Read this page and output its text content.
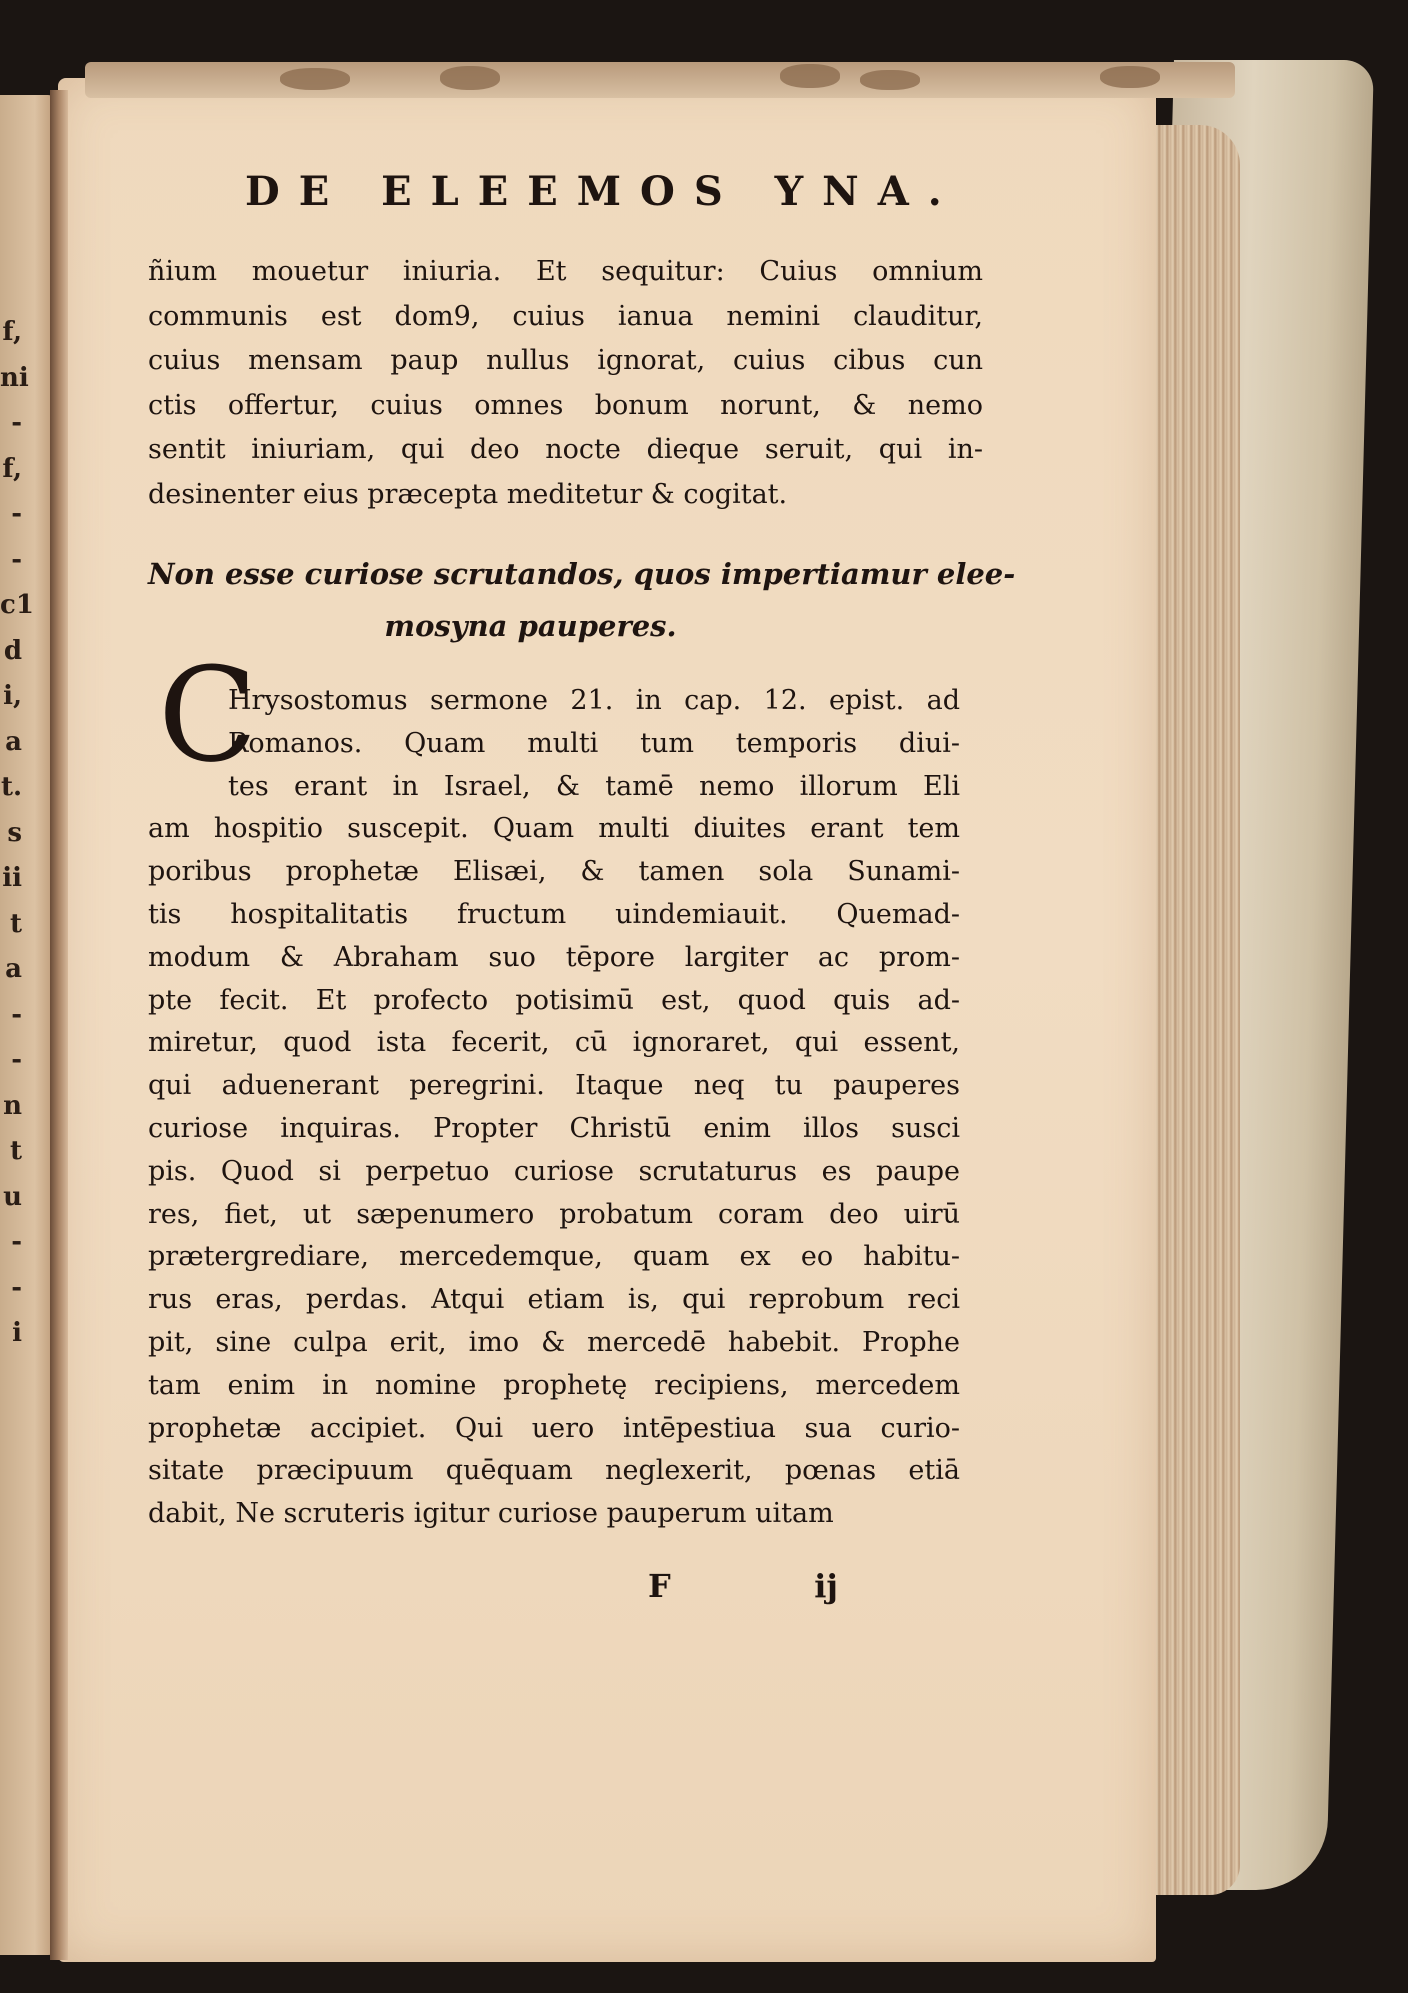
f,
ni
-
f,
-
-
c1
d
i,
a
t.
s
ii
t
a
-
-
n
t
u
-
-
i
DE ELEEMOS YNA.
ñium mouetur iniuria. Et sequitur: Cuius omnium
communis est dom9, cuius ianua nemini clauditur,
cuius mensam paup nullus ignorat, cuius cibus cun
ctis offertur, cuius omnes bonum norunt, & nemo
sentit iniuriam, qui deo nocte dieque seruit, qui in-
desinenter eius præcepta meditetur & cogitat.
Non esse curiose scrutandos, quos impertiamur elee-
mosyna pauperes.
C
Hrysostomus sermone 21. in cap. 12. epist. ad
Romanos. Quam multi tum temporis diui-
tes erant in Israel, & tamē nemo illorum Eli
am hospitio suscepit. Quam multi diuites erant tem
poribus prophetæ Elisæi, & tamen sola Sunami-
tis hospitalitatis fructum uindemiauit. Quemad-
modum & Abraham suo tēpore largiter ac prom-
pte fecit. Et profecto potisimū est, quod quis ad-
miretur, quod ista fecerit, cū ignoraret, qui essent,
qui aduenerant peregrini. Itaque neq tu pauperes
curiose inquiras. Propter Christū enim illos susci
pis. Quod si perpetuo curiose scrutaturus es paupe
res, fiet, ut sæpenumero probatum coram deo uirū
prætergrediare, mercedemque, quam ex eo habitu-
rus eras, perdas. Atqui etiam is, qui reprobum reci
pit, sine culpa erit, imo & mercedē habebit. Prophe
tam enim in nomine prophetę recipiens, mercedem
prophetæ accipiet. Qui uero intēpestiua sua curio-
sitate præcipuum quēquam neglexerit, pœnas etiā
dabit, Ne scruteris igitur curiose pauperum uitam
F	ij
